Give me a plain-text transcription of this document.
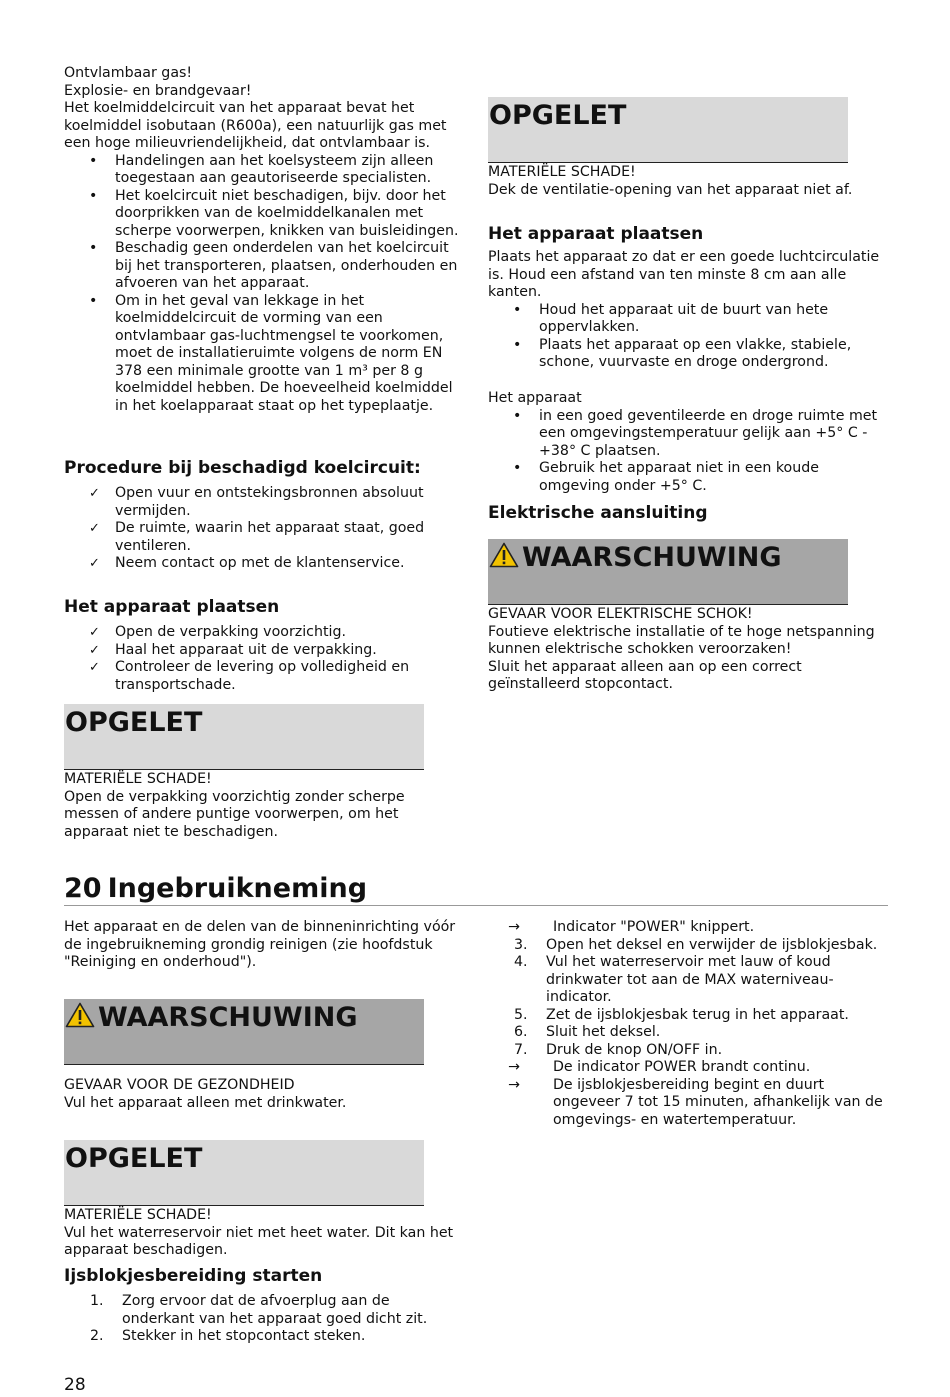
Ontvlambaar gas!

Explosie- en brandgevaar!

Het koelmiddelcircuit van het apparaat bevat het koelmiddel isobutaan (R600a), een natuurlijk gas met een hoge milieuvriendelijkheid, dat ontvlambaar is.

• Handelingen aan het koelsysteem zijn alleen toegestaan aan geautoriseerde specialisten.
• Het koelcircuit niet beschadigen, bijv. door het doorprikken van de koelmiddelkanalen met scherpe voorwerpen, knikken van buisleidingen.
• Beschadig geen onderdelen van het koelcircuit bij het transporteren, plaatsen, onderhouden en afvoeren van het apparaat.
• Om in het geval van lekkage in het koelmiddelcircuit de vorming van een ontvlambaar gas-luchtmengsel te voorkomen, moet de installatieruimte volgens de norm EN 378 een minimale grootte van 1 m³ per 8 g koelmiddel hebben. De hoeveelheid koelmiddel in het koelapparaat staat op het typeplaatje.
Procedure bij beschadigd koelcircuit:
✓ Open vuur en ontstekingsbronnen absoluut vermijden.
✓ De ruimte, waarin het apparaat staat, goed ventileren.
✓ Neem contact op met de klantenservice.
Het apparaat plaatsen
✓ Open de verpakking voorzichtig.
✓ Haal het apparaat uit de verpakking.
✓ Controleer de levering op volledigheid en transportschade.
OPGELET

MATERIËLE SCHADE!

Open de verpakking voorzichtig zonder scherpe messen of andere puntige voorwerpen, om het apparaat niet te beschadigen.

OPGELET

MATERIËLE SCHADE!

Dek de ventilatie-opening van het apparaat niet af.

Het apparaat plaatsen

Plaats het apparaat zo dat er een goede luchtcirculatie is. Houd een afstand van ten minste 8 cm aan alle kanten.

• Houd het apparaat uit de buurt van hete oppervlakken.
• Plaats het apparaat op een vlakke, stabiele, schone, vuurvaste en droge ondergrond.

Het apparaat

• in een goed geventileerde en droge ruimte met een omgevingstemperatuur gelijk aan +5° C - +38° C plaatsen.
• Gebruik het apparaat niet in een koude omgeving onder +5° C.
Elektrische aansluiting
WAARSCHUWING

GEVAAR VOOR ELEKTRISCHE SCHOK!

Foutieve elektrische installatie of te hoge netspanning kunnen elektrische schokken veroorzaken!

Sluit het apparaat alleen aan op een correct geïnstalleerd stopcontact.

20 Ingebruikneming

Het apparaat en de delen van de binneninrichting vóór de ingebruikneming grondig reinigen (zie hoofdstuk "Reiniging en onderhoud").

WAARSCHUWING

GEVAAR VOOR DE GEZONDHEID

Vul het apparaat alleen met drinkwater.

OPGELET

MATERIËLE SCHADE!

Vul het waterreservoir niet met heet water. Dit kan het apparaat beschadigen.

Ijsblokjesbereiding starten
1. Zorg ervoor dat de afvoerplug aan de onderkant van het apparaat goed dicht zit.
2. Stekker in het stopcontact steken.
→ Indicator "POWER" knippert.
3. Open het deksel en verwijder de ijsblokjesbak.
4. Vul het waterreservoir met lauw of koud drinkwater tot aan de MAX waterniveau-indicator.
5. Zet de ijsblokjesbak terug in het apparaat.
6. Sluit het deksel.
7. Druk de knop ON/OFF in.
→ De indicator POWER brandt continu.
→ De ijsblokjesbereiding begint en duurt ongeveer 7 tot 15 minuten, afhankelijk van de omgevings- en watertemperatuur.
28
